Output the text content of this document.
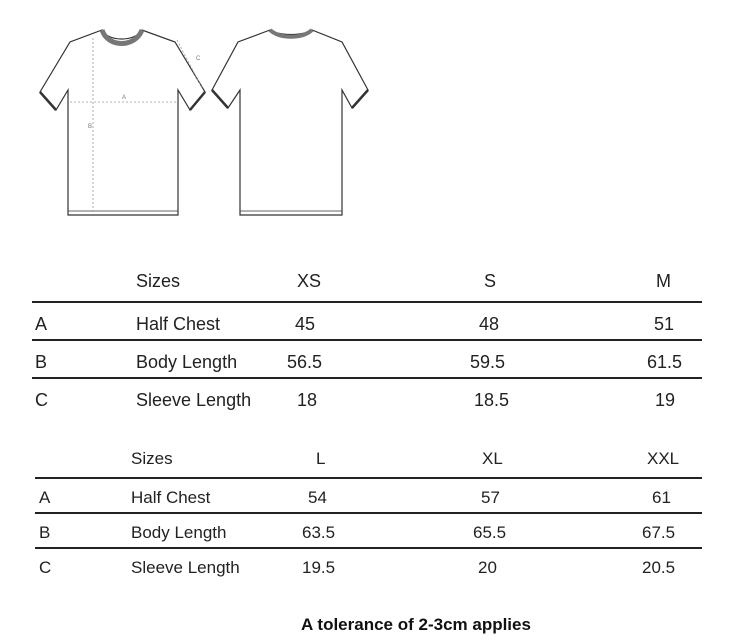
A
B
C
Sizes	XS	S	M
A	Half Chest	45	48	51
B	Body Length	56.5	59.5	61.5
C	Sleeve Length	18	18.5	19
Sizes	L	XL	XXL
A	Half Chest	54	57	61
B	Body Length	63.5	65.5	67.5
C	Sleeve Length	19.5	20	20.5
A tolerance of 2-3cm applies
